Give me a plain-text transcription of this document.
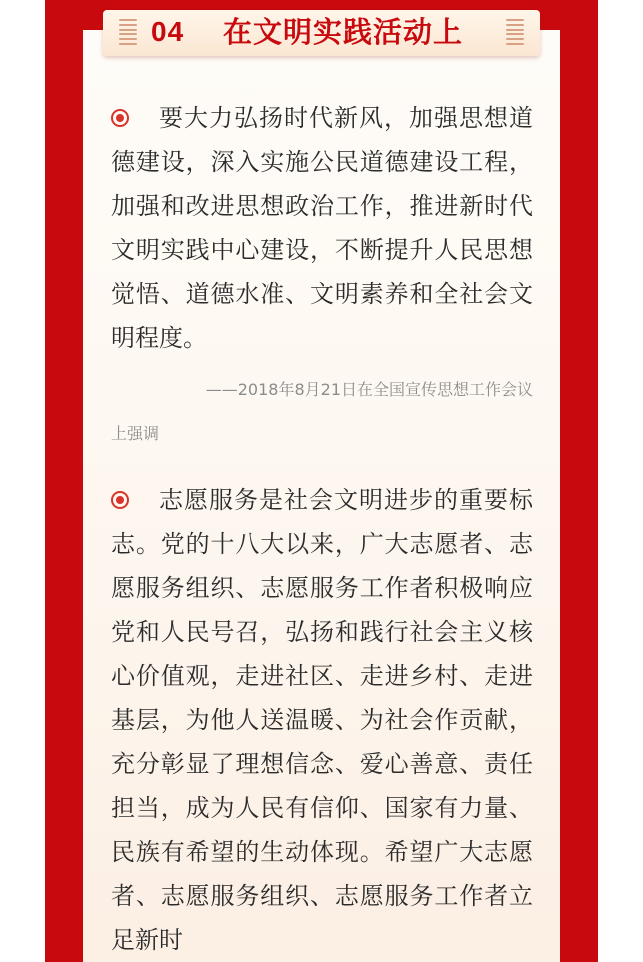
04 在文明实践活动上
要大力弘扬时代新风，加强思想道德建设，深入实施公民道德建设工程，加强和改进思想政治工作，推进新时代文明实践中心建设，不断提升人民思想觉悟、道德水准、文明素养和全社会文明程度。
——2018年8月21日在全国宣传思想工作会议
上强调
志愿服务是社会文明进步的重要标志。党的十八大以来，广大志愿者、志愿服务组织、志愿服务工作者积极响应党和人民号召，弘扬和践行社会主义核心价值观，走进社区、走进乡村、走进基层，为他人送温暖、为社会作贡献，充分彰显了理想信念、爱心善意、责任担当，成为人民有信仰、国家有力量、民族有希望的生动体现。希望广大志愿者、志愿服务组织、志愿服务工作者立足新时
